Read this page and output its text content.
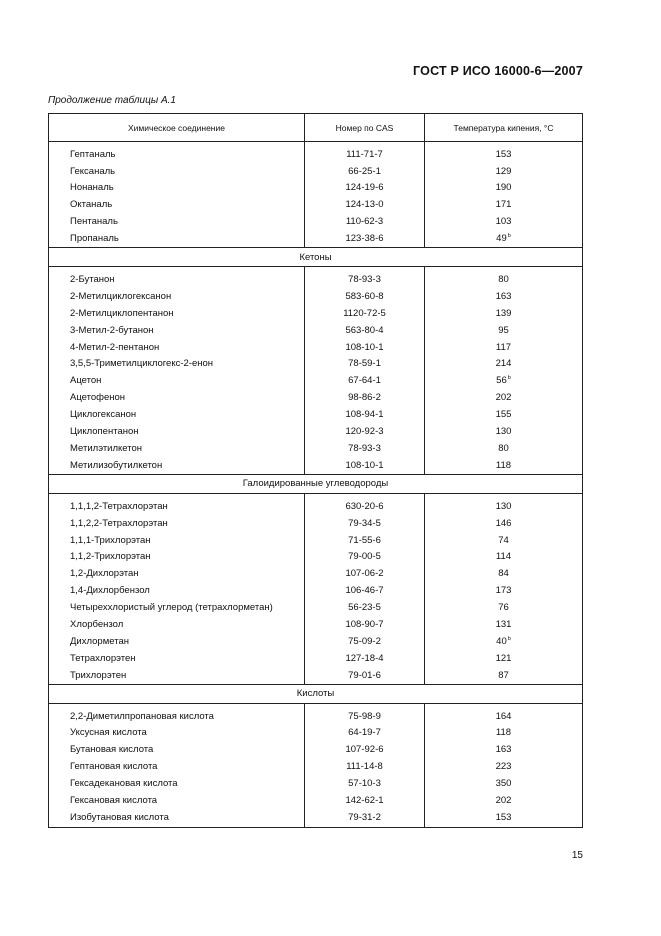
ГОСТ Р ИСО 16000-6—2007
Продолжение таблицы А.1
Химическое соединение	Номер по CAS	Температура кипения, °C
Гептаналь	111-71-7	153
Гексаналь	66-25-1	129
Нонаналь	124-19-6	190
Октаналь	124-13-0	171
Пентаналь	110-62-3	103
Пропаналь	123-38-6	49$^b$
Кетоны		
2-Бутанон	78-93-3	80
2-Метилциклогексанон	583-60-8	163
2-Метилциклопентанон	1120-72-5	139
3-Метил-2-бутанон	563-80-4	95
4-Метил-2-пентанон	108-10-1	117
3,5,5-Триметилциклогекс-2-енон	78-59-1	214
Ацетон	67-64-1	56$^b$
Ацетофенон	98-86-2	202
Циклогексанон	108-94-1	155
Циклопентанон	120-92-3	130
Метилэтилкетон	78-93-3	80
Метилизобутилкетон	108-10-1	118
Галоидированные углеводороды		
1,1,1,2-Тетрахлорэтан	630-20-6	130
1,1,2,2-Тетрахлорэтан	79-34-5	146
1,1,1-Трихлорэтан	71-55-6	74
1,1,2-Трихлорэтан	79-00-5	114
1,2-Дихлорэтан	107-06-2	84
1,4-Дихлорбензол	106-46-7	173
Четыреххлористый углерод (тетрахлорметан)	56-23-5	76
Хлорбензол	108-90-7	131
Дихлорметан	75-09-2	40$^b$
Тетрахлорэтен	127-18-4	121
Трихлорэтен	79-01-6	87
Кислоты		
2,2-Диметилпропановая кислота	75-98-9	164
Уксусная кислота	64-19-7	118
Бутановая кислота	107-92-6	163
Гептановая кислота	111-14-8	223
Гексадекановая кислота	57-10-3	350
Гексановая кислота	142-62-1	202
Изобутановая кислота	79-31-2	153
15
